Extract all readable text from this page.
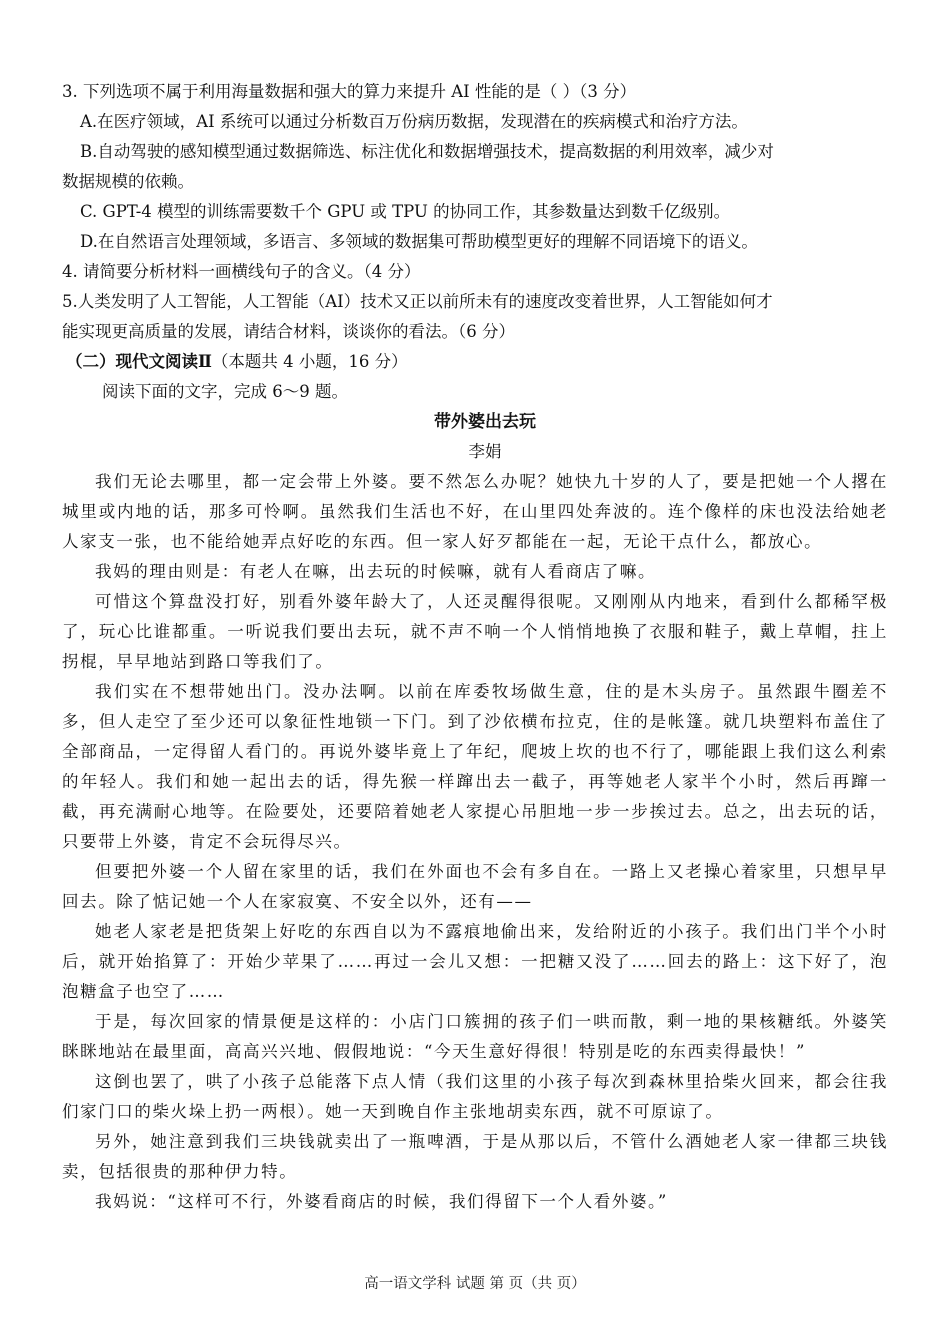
3. 下列选项不属于利用海量数据和强大的算力来提升 AI 性能的是（ ）（3 分）

A.在医疗领域，AI 系统可以通过分析数百万份病历数据，发现潜在的疾病模式和治疗方法。

B.自动驾驶的感知模型通过数据筛选、标注优化和数据增强技术，提高数据的利用效率，减少对

数据规模的依赖。

C. GPT-4 模型的训练需要数千个 GPU 或 TPU 的协同工作，其参数量达到数千亿级别。

D.在自然语言处理领域，多语言、多领域的数据集可帮助模型更好的理解不同语境下的语义。

4. 请简要分析材料一画横线句子的含义。（4 分）

5.人类发明了人工智能，人工智能（AI）技术又正以前所未有的速度改变着世界，人工智能如何才

能实现更高质量的发展，请结合材料，谈谈你的看法。（6 分）

（二）现代文阅读Ⅱ（本题共 4 小题，16 分）

阅读下面的文字，完成 6～9 题。

带外婆出去玩

李娟

我们无论去哪里，都一定会带上外婆。要不然怎么办呢？她快九十岁的人了，要是把她一个人撂在城里或内地的话，那多可怜啊。虽然我们生活也不好，在山里四处奔波的。连个像样的床也没法给她老人家支一张，也不能给她弄点好吃的东西。但一家人好歹都能在一起，无论干点什么，都放心。

我妈的理由则是：有老人在嘛，出去玩的时候嘛，就有人看商店了嘛。

可惜这个算盘没打好，别看外婆年龄大了，人还灵醒得很呢。又刚刚从内地来，看到什么都稀罕极了，玩心比谁都重。一听说我们要出去玩，就不声不响一个人悄悄地换了衣服和鞋子，戴上草帽，拄上拐棍，早早地站到路口等我们了。

我们实在不想带她出门。没办法啊。以前在库委牧场做生意，住的是木头房子。虽然跟牛圈差不多，但人走空了至少还可以象征性地锁一下门。到了沙依横布拉克，住的是帐篷。就几块塑料布盖住了全部商品，一定得留人看门的。再说外婆毕竟上了年纪，爬坡上坎的也不行了，哪能跟上我们这么利索的年轻人。我们和她一起出去的话，得先猴一样蹿出去一截子，再等她老人家半个小时，然后再蹿一截，再充满耐心地等。在险要处，还要陪着她老人家提心吊胆地一步一步挨过去。总之，出去玩的话，只要带上外婆，肯定不会玩得尽兴。

但要把外婆一个人留在家里的话，我们在外面也不会有多自在。一路上又老操心着家里，只想早早回去。除了惦记她一个人在家寂寞、不安全以外，还有——

她老人家老是把货架上好吃的东西自以为不露痕地偷出来，发给附近的小孩子。我们出门半个小时后，就开始掐算了：开始少苹果了……再过一会儿又想：一把糖又没了……回去的路上：这下好了，泡泡糖盒子也空了……

于是，每次回家的情景便是这样的：小店门口簇拥的孩子们一哄而散，剩一地的果核糖纸。外婆笑眯眯地站在最里面，高高兴兴地、假假地说：“今天生意好得很！特别是吃的东西卖得最快！”

这倒也罢了，哄了小孩子总能落下点人情（我们这里的小孩子每次到森林里拾柴火回来，都会往我们家门口的柴火垛上扔一两根）。她一天到晚自作主张地胡卖东西，就不可原谅了。

另外，她注意到我们三块钱就卖出了一瓶啤酒，于是从那以后，不管什么酒她老人家一律都三块钱卖，包括很贵的那种伊力特。

我妈说：“这样可不行，外婆看商店的时候，我们得留下一个人看外婆。”

高一语文学科 试题 第 页（共 页）
